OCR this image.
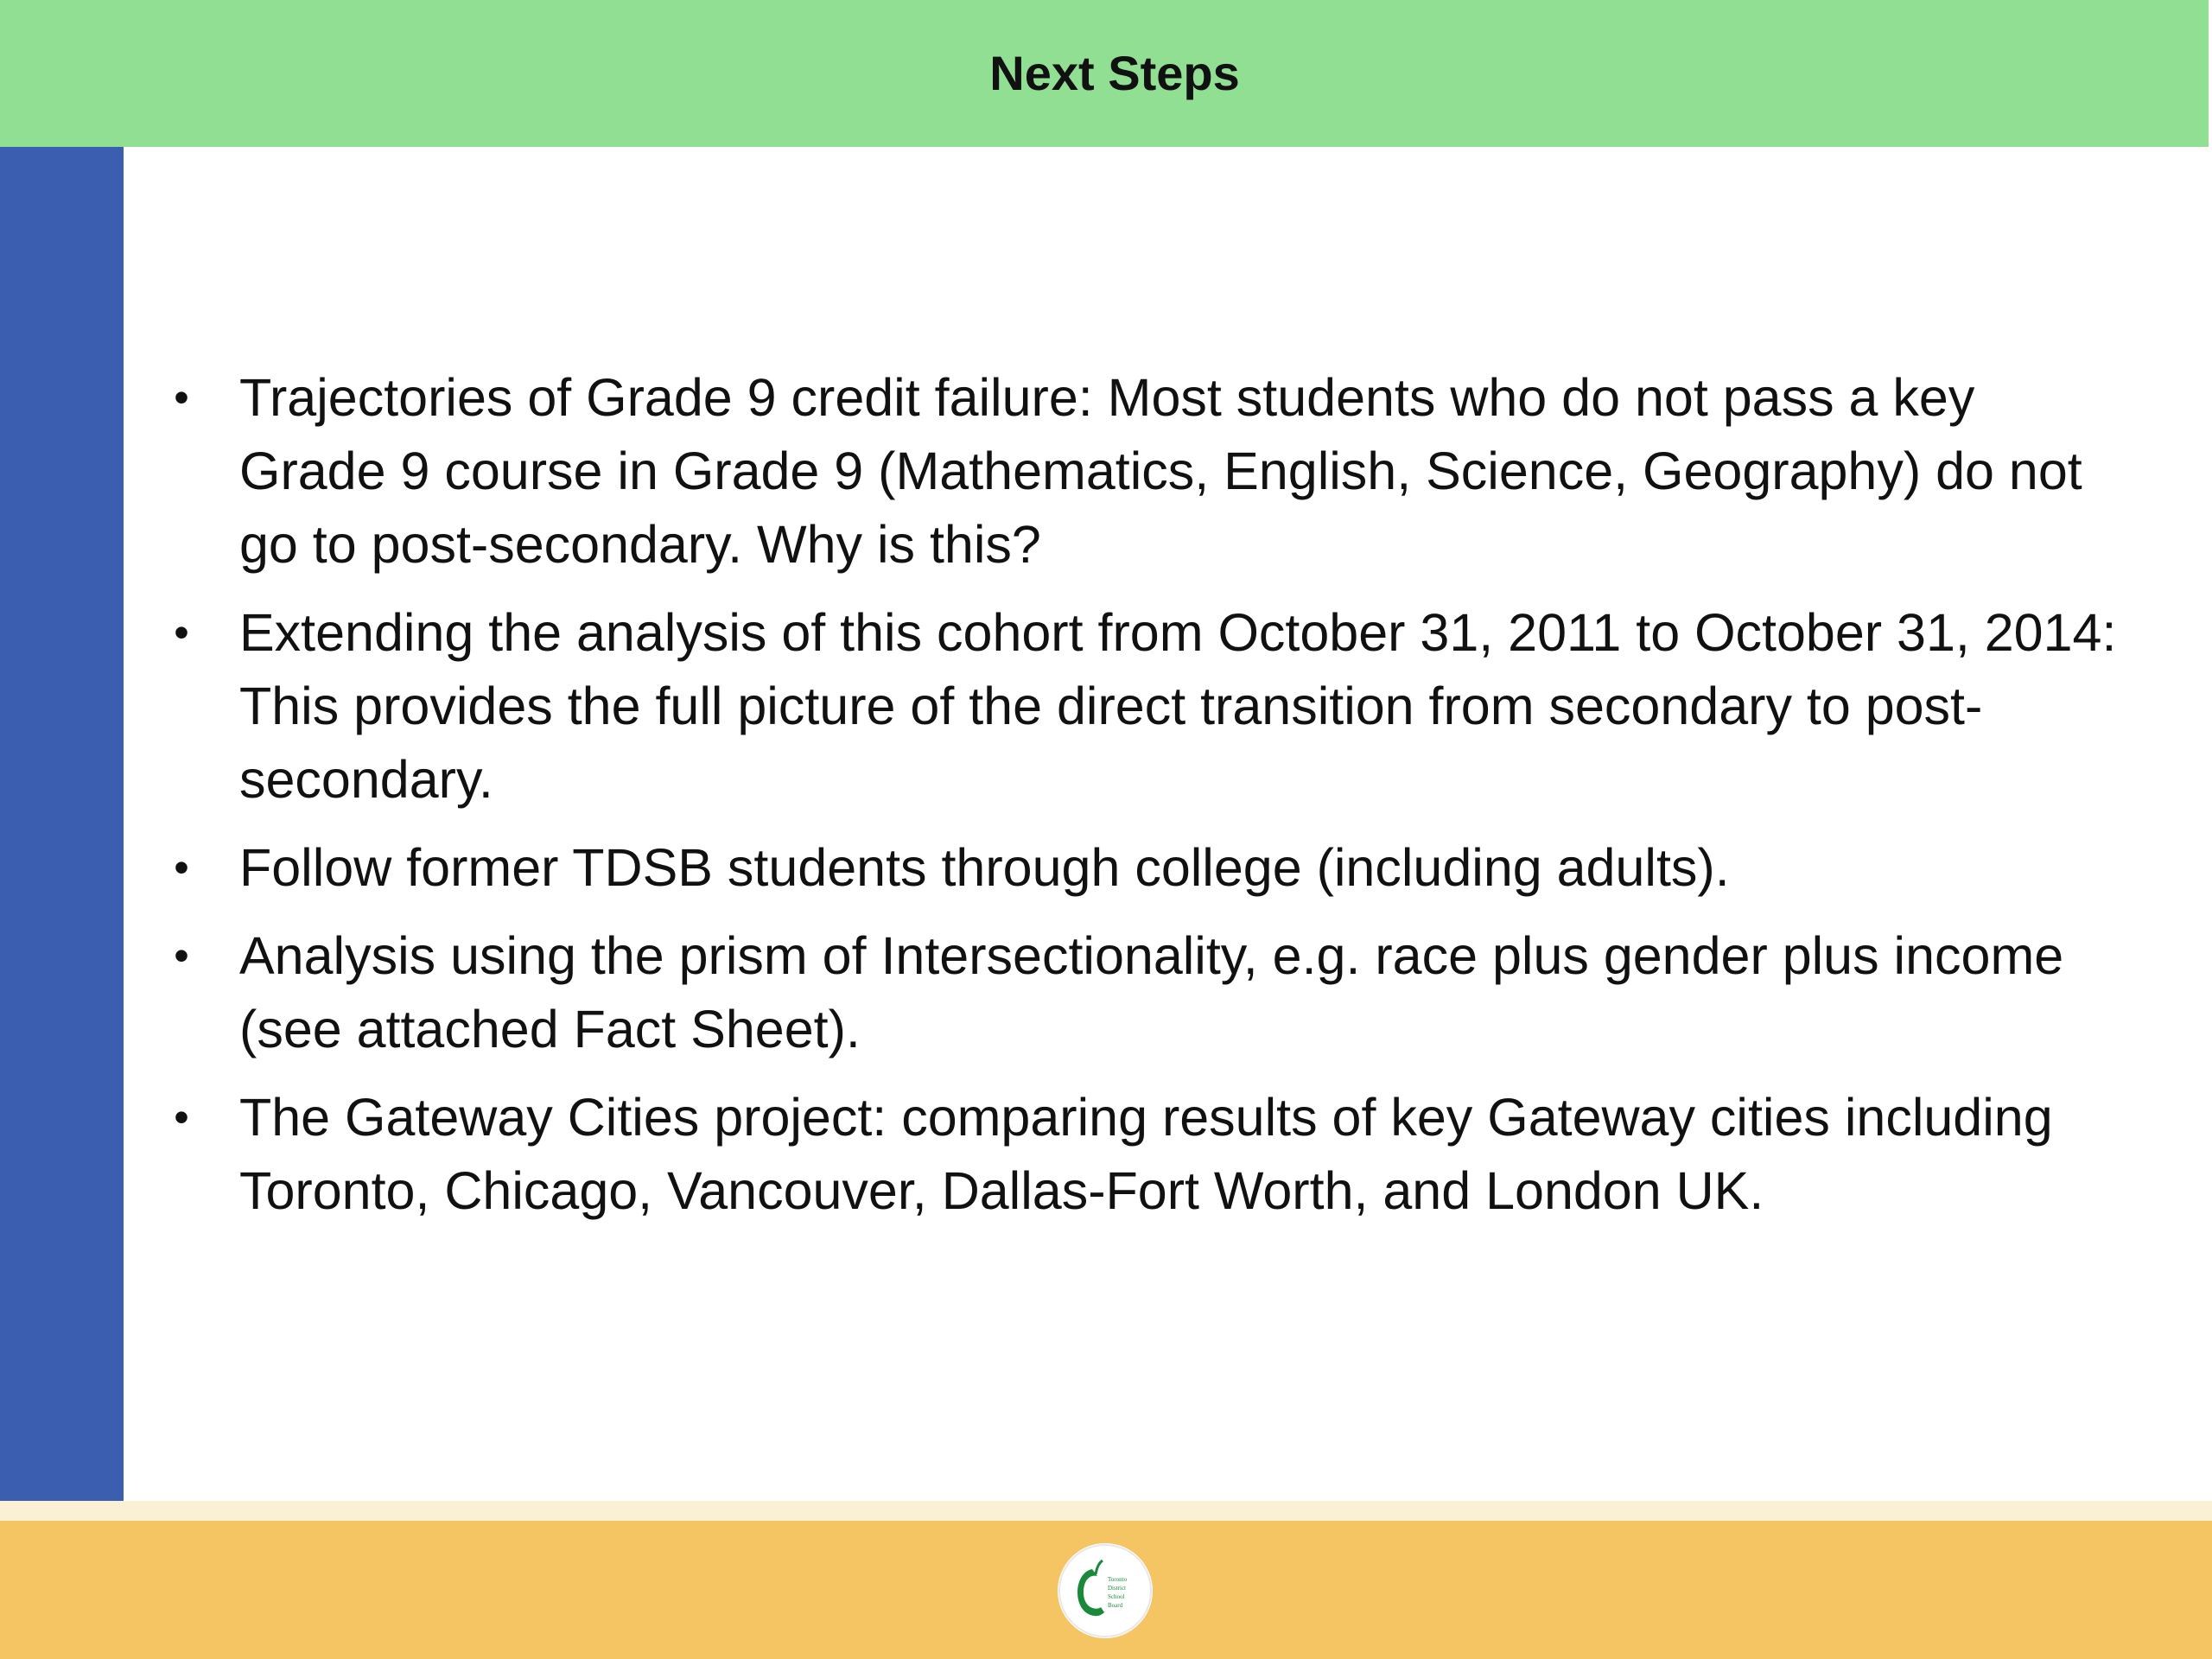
Next Steps
• Trajectories of Grade 9 credit failure: Most students who do not pass a key Grade 9 course in Grade 9 (Mathematics, English, Science, Geography) do not go to post-secondary. Why is this?
• Extending the analysis of this cohort from October 31, 2011 to October 31, 2014: This provides the full picture of the direct transition from secondary to post-secondary.
• Follow former TDSB students through college (including adults).
• Analysis using the prism of Intersectionality, e.g. race plus gender plus income (see attached Fact Sheet).
• The Gateway Cities project: comparing results of key Gateway cities including Toronto, Chicago, Vancouver, Dallas-Fort Worth, and London UK.
Toronto
District
School
Board
